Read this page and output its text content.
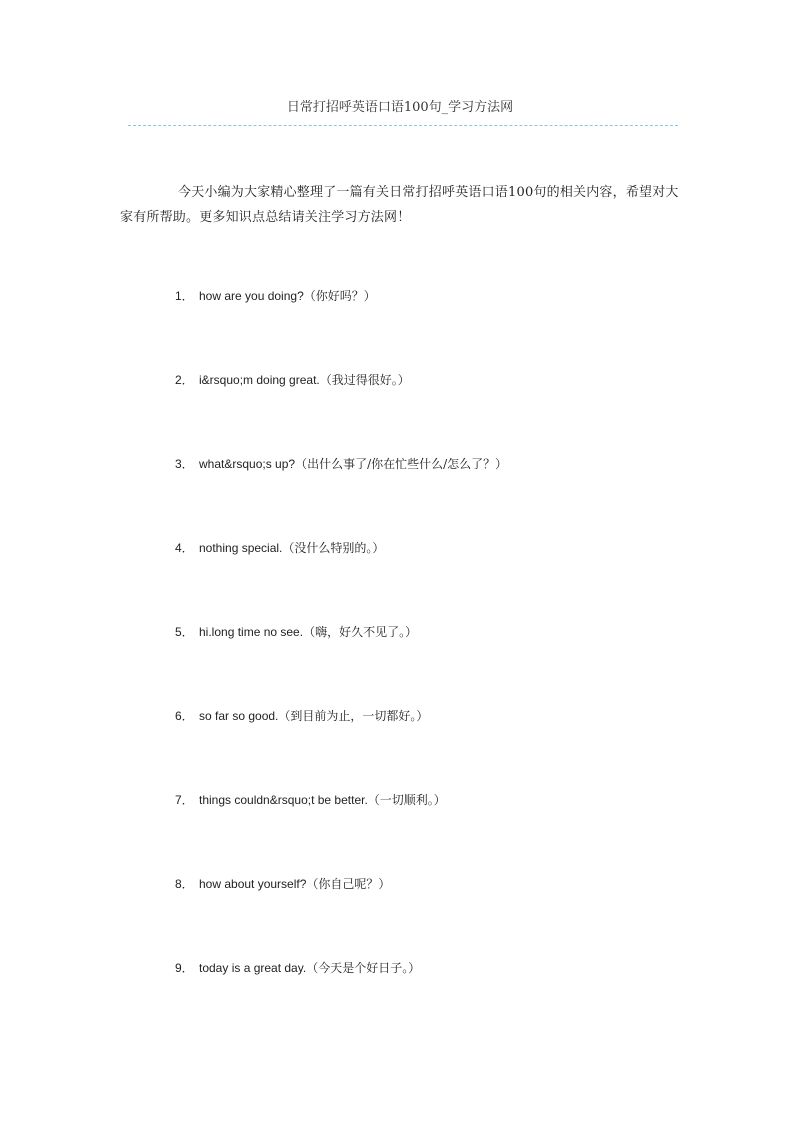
日常打招呼英语口语100句_学习方法网

今天小编为大家精心整理了一篇有关日常打招呼英语口语100句的相关内容，希望对大家有所帮助。更多知识点总结请关注学习方法网！

1． how are you doing?（你好吗？）
2． i&rsquo;m doing great.（我过得很好。）
3． what&rsquo;s up?（出什么事了/你在忙些什么/怎么了？）
4． nothing special.（没什么特别的。）
5． hi.long time no see.（嗨，好久不见了。）
6． so far so good.（到目前为止，一切都好。）
7． things couldn&rsquo;t be better.（一切顺利。）
8． how about yourself?（你自己呢？）
9． today is a great day.（今天是个好日子。）
